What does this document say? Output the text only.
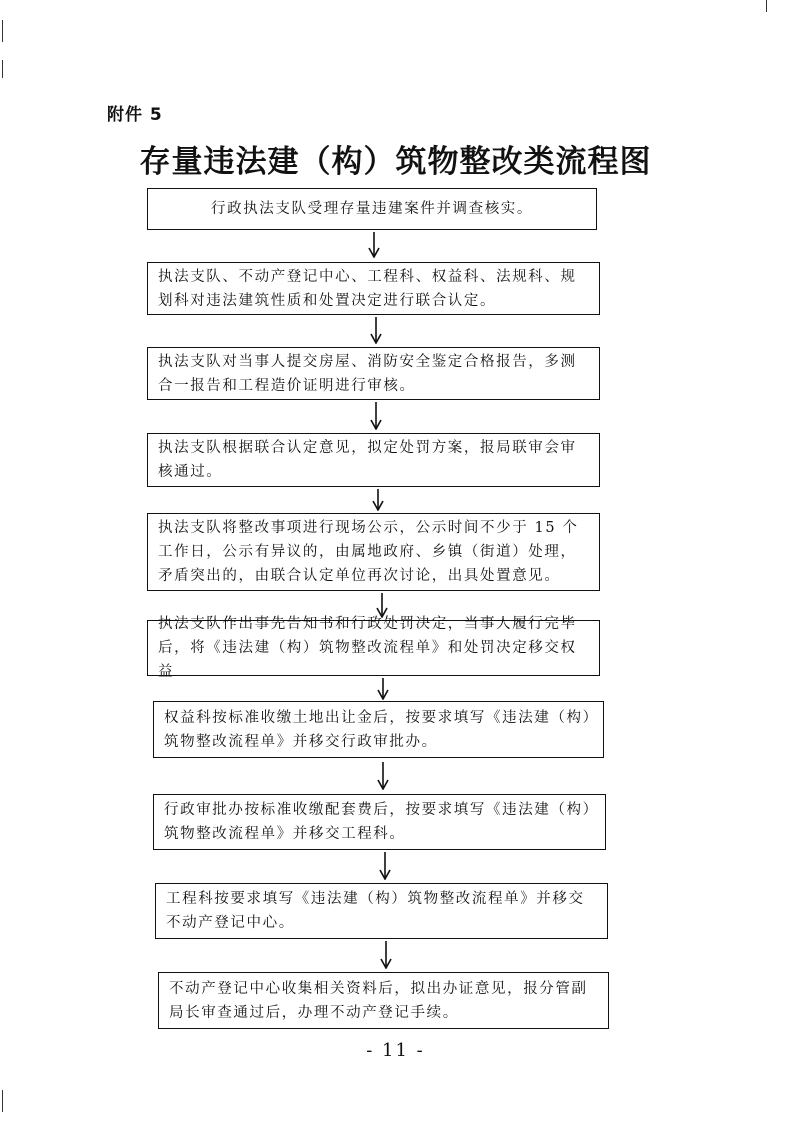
附件 5
存量违法建（构）筑物整改类流程图
行政执法支队受理存量违建案件并调查核实。
执法支队、不动产登记中心、工程科、权益科、法规科、规划科对违法建筑性质和处置决定进行联合认定。
执法支队对当事人提交房屋、消防安全鉴定合格报告，多测合一报告和工程造价证明进行审核。
执法支队根据联合认定意见，拟定处罚方案，报局联审会审核通过。
执法支队将整改事项进行现场公示，公示时间不少于 15 个工作日，公示有异议的，由属地政府、乡镇（街道）处理，矛盾突出的，由联合认定单位再次讨论，出具处置意见。
执法支队作出事先告知书和行政处罚决定，当事人履行完毕后，将《违法建（构）筑物整改流程单》和处罚决定移交权益
权益科按标准收缴土地出让金后，按要求填写《违法建（构）筑物整改流程单》并移交行政审批办。
行政审批办按标准收缴配套费后，按要求填写《违法建（构）筑物整改流程单》并移交工程科。
工程科按要求填写《违法建（构）筑物整改流程单》并移交不动产登记中心。
不动产登记中心收集相关资料后，拟出办证意见，报分管副局长审查通过后，办理不动产登记手续。
- 11 -
